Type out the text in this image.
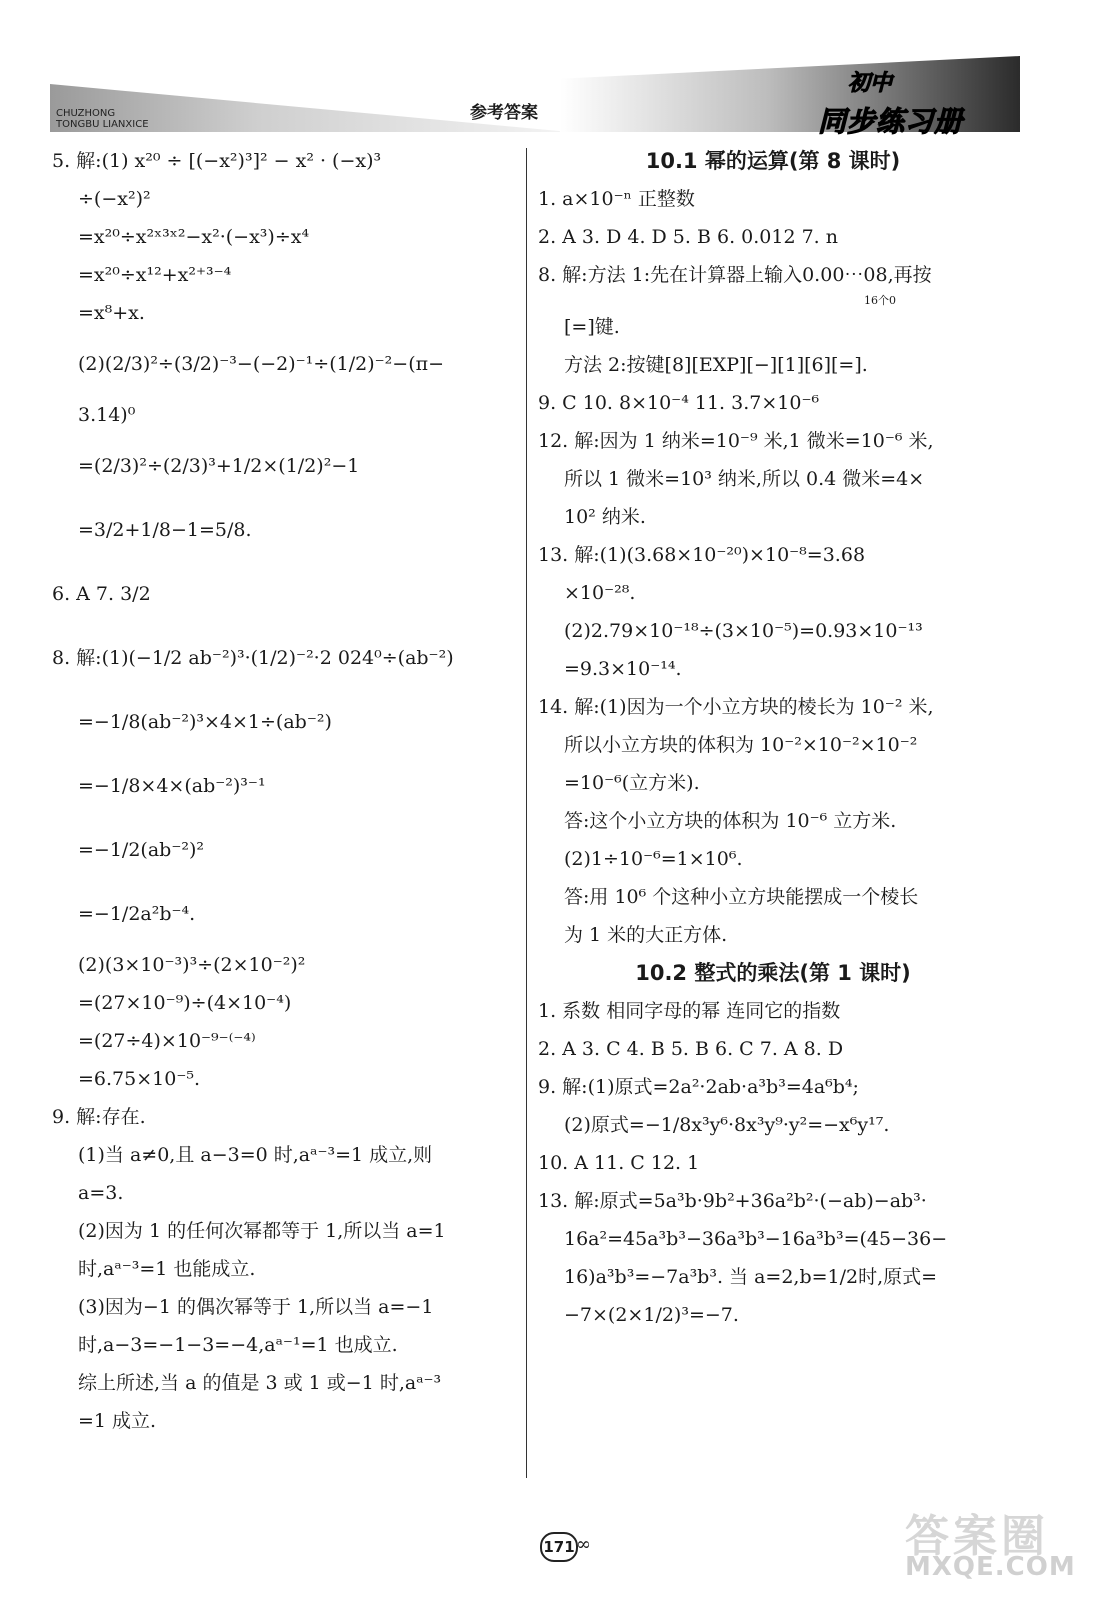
CHUZHONG
TONGBU LIANXICE
参考答案
初中
同步练习册
5. 解:(1) x²⁰ ÷ [(−x²)³]² − x² · (−x)³
÷(−x²)²
=x²⁰÷x²ˣ³ˣ²−x²·(−x³)÷x⁴
=x²⁰÷x¹²+x²⁺³⁻⁴
=x⁸+x.
(2)(2/3)²÷(3/2)⁻³−(−2)⁻¹÷(1/2)⁻²−(π−
3.14)⁰
=(2/3)²÷(2/3)³+1/2×(1/2)²−1
=3/2+1/8−1=5/8.
6. A 7. 3/2
8. 解:(1)(−1/2 ab⁻²)³·(1/2)⁻²·2 024⁰÷(ab⁻²)
=−1/8(ab⁻²)³×4×1÷(ab⁻²)
=−1/8×4×(ab⁻²)³⁻¹
=−1/2(ab⁻²)²
=−1/2a²b⁻⁴.
(2)(3×10⁻³)³÷(2×10⁻²)²
=(27×10⁻⁹)÷(4×10⁻⁴)
=(27÷4)×10⁻⁹⁻⁽⁻⁴⁾
=6.75×10⁻⁵.
9. 解:存在.
(1)当 a≠0,且 a−3=0 时,aᵃ⁻³=1 成立,则
a=3.
(2)因为 1 的任何次幂都等于 1,所以当 a=1
时,aᵃ⁻³=1 也能成立.
(3)因为−1 的偶次幂等于 1,所以当 a=−1
时,a−3=−1−3=−4,aᵃ⁻¹=1 也成立.
综上所述,当 a 的值是 3 或 1 或−1 时,aᵃ⁻³
=1 成立.
10.1 幂的运算(第 8 课时)
1. a×10⁻ⁿ 正整数
2. A 3. D 4. D 5. B 6. 0.012 7. n
8. 解:方法 1:先在计算器上输入0.00⋯08,再按
16个0
[=]键.
方法 2:按键[8][EXP][−][1][6][=].
9. C 10. 8×10⁻⁴ 11. 3.7×10⁻⁶
12. 解:因为 1 纳米=10⁻⁹ 米,1 微米=10⁻⁶ 米,
所以 1 微米=10³ 纳米,所以 0.4 微米=4×
10² 纳米.
13. 解:(1)(3.68×10⁻²⁰)×10⁻⁸=3.68
×10⁻²⁸.
(2)2.79×10⁻¹⁸÷(3×10⁻⁵)=0.93×10⁻¹³
=9.3×10⁻¹⁴.
14. 解:(1)因为一个小立方块的棱长为 10⁻² 米,
所以小立方块的体积为 10⁻²×10⁻²×10⁻²
=10⁻⁶(立方米).
答:这个小立方块的体积为 10⁻⁶ 立方米.
(2)1÷10⁻⁶=1×10⁶.
答:用 10⁶ 个这种小立方块能摆成一个棱长
为 1 米的大正方体.
10.2 整式的乘法(第 1 课时)
1. 系数 相同字母的幂 连同它的指数
2. A 3. C 4. B 5. B 6. C 7. A 8. D
9. 解:(1)原式=2a²·2ab·a³b³=4a⁶b⁴;
(2)原式=−1/8x³y⁶·8x³y⁹·y²=−x⁶y¹⁷.
10. A 11. C 12. 1
13. 解:原式=5a³b·9b²+36a²b²·(−ab)−ab³·
16a²=45a³b³−36a³b³−16a³b³=(45−36−
16)a³b³=−7a³b³. 当 a=2,b=1/2时,原式=
−7×(2×1/2)³=−7.
171 ∞	答案圈
MXQE.COM
